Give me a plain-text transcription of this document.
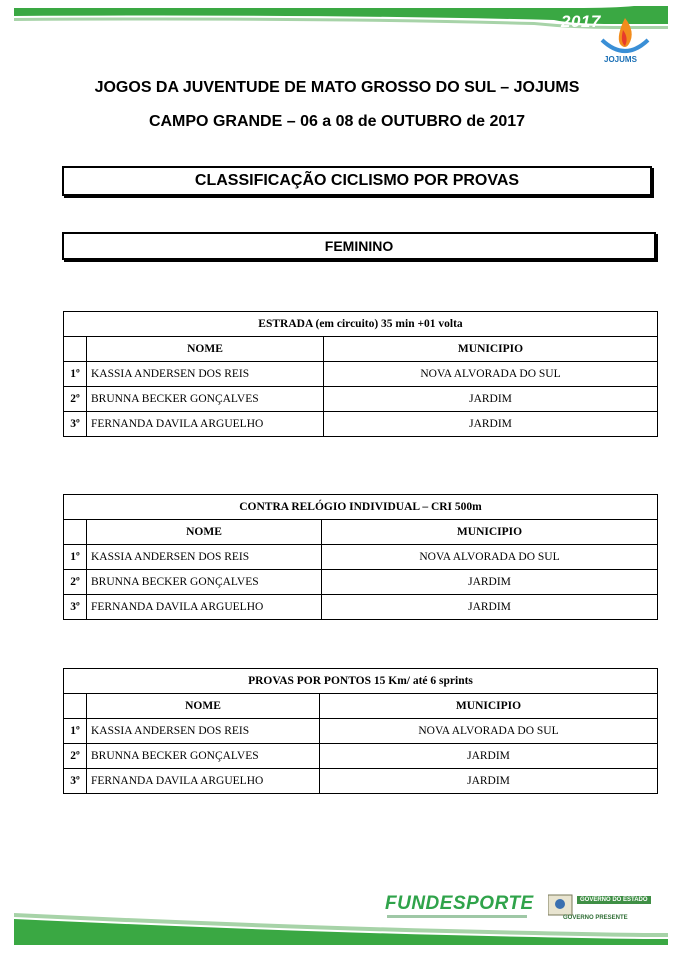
2017
JOJUMS
JOGOS DA JUVENTUDE DE MATO GROSSO DO SUL – JOJUMS
CAMPO GRANDE – 06 a 08 de OUTUBRO de 2017
CLASSIFICAÇÃO CICLISMO POR PROVAS
FEMININO
ESTRADA (em circuito) 35 min +01 volta		
	NOME	MUNICIPIO
1º	KASSIA ANDERSEN DOS REIS	NOVA ALVORADA DO SUL
2º	BRUNNA BECKER GONÇALVES	JARDIM
3º	FERNANDA DAVILA ARGUELHO	JARDIM
CONTRA RELÓGIO INDIVIDUAL – CRI 500m		
	NOME	MUNICIPIO
1º	KASSIA ANDERSEN DOS REIS	NOVA ALVORADA DO SUL
2º	BRUNNA BECKER GONÇALVES	JARDIM
3º	FERNANDA DAVILA ARGUELHO	JARDIM
PROVAS POR PONTOS 15 Km/ até 6 sprints		
	NOME	MUNICIPIO
1º	KASSIA ANDERSEN DOS REIS	NOVA ALVORADA DO SUL
2º	BRUNNA BECKER GONÇALVES	JARDIM
3º	FERNANDA DAVILA ARGUELHO	JARDIM
FUNDESPORTE	GOVERNO DO ESTADO
GOVERNO PRESENTE
